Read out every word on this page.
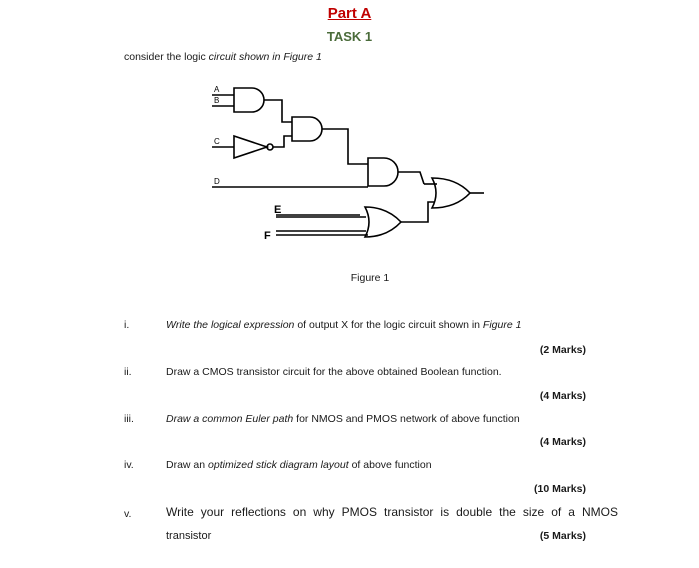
Part A
TASK 1
consider the logic circuit shown in Figure 1
A
B
C
D
E
F
Figure 1
i.	Write the logical expression of output X for the logic circuit shown in Figure 1
(2 Marks)
ii.	Draw a CMOS transistor circuit for the above obtained Boolean function.
(4 Marks)
iii.	Draw a common Euler path for NMOS and PMOS network of above function
(4 Marks)
iv.	Draw an optimized stick diagram layout of above function
(10 Marks)
v.	Write your reflections on why PMOS transistor is double the size of a NMOS
transistor	(5 Marks)
